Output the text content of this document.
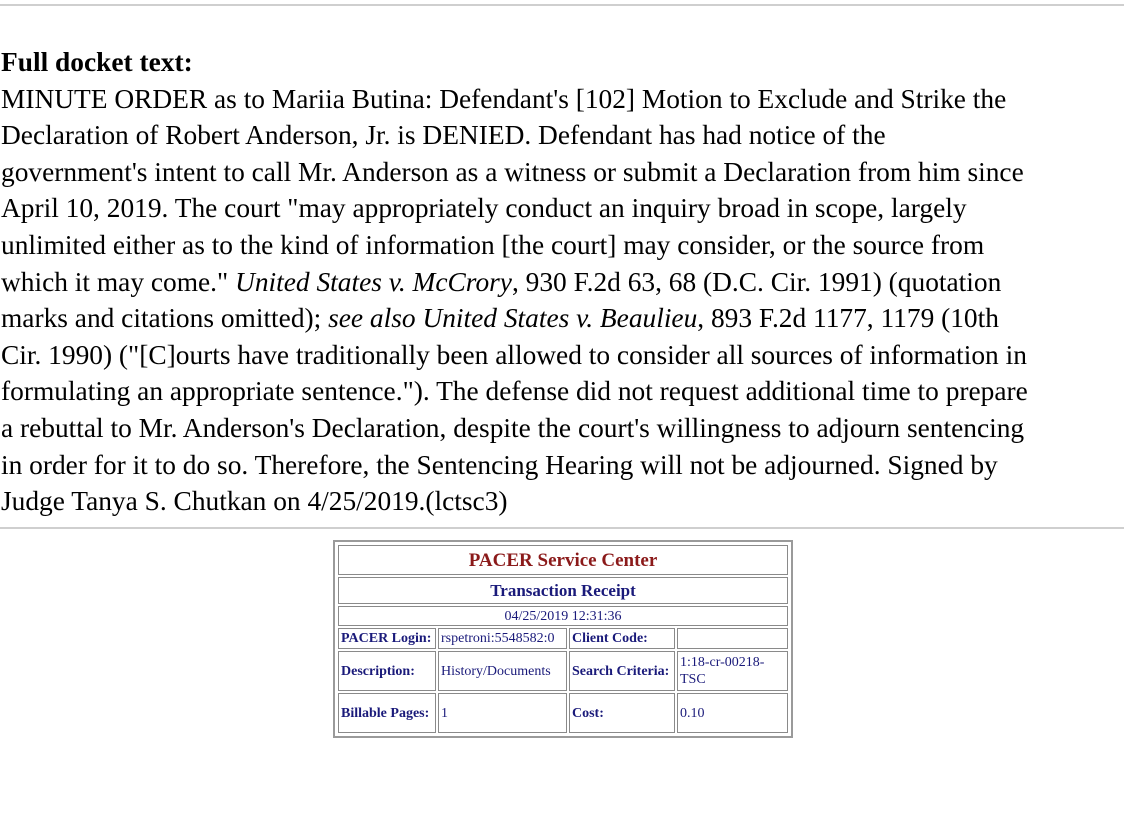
Full docket text:
MINUTE ORDER as to Mariia Butina: Defendant's [102] Motion to Exclude and Strike the
Declaration of Robert Anderson, Jr. is DENIED. Defendant has had notice of the
government's intent to call Mr. Anderson as a witness or submit a Declaration from him since
April 10, 2019. The court "may appropriately conduct an inquiry broad in scope, largely
unlimited either as to the kind of information [the court] may consider, or the source from
which it may come." United States v. McCrory, 930 F.2d 63, 68 (D.C. Cir. 1991) (quotation
marks and citations omitted); see also United States v. Beaulieu, 893 F.2d 1177, 1179 (10th
Cir. 1990) ("[C]ourts have traditionally been allowed to consider all sources of information in
formulating an appropriate sentence."). The defense did not request additional time to prepare
a rebuttal to Mr. Anderson's Declaration, despite the court's willingness to adjourn sentencing
in order for it to do so. Therefore, the Sentencing Hearing will not be adjourned. Signed by
Judge Tanya S. Chutkan on 4/25/2019.(lctsc3)
PACER Service Center			
Transaction Receipt			
04/25/2019 12:31:36			
PACER Login:	rspetroni:5548582:0	Client Code:	
Description:	History/Documents	Search Criteria:	1:18-cr-00218-TSC
Billable Pages:	1	Cost:	0.10
